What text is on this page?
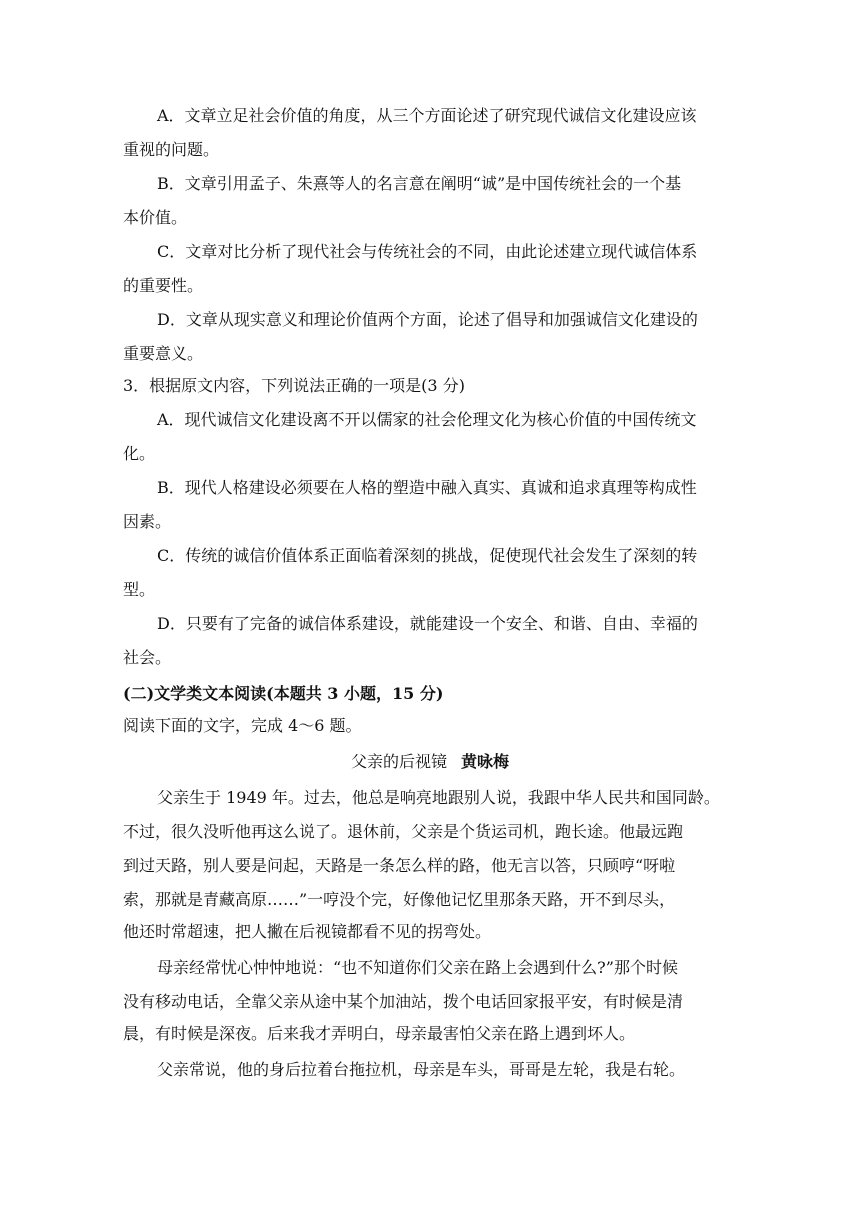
A．文章立足社会价值的角度，从三个方面论述了研究现代诚信文化建设应该
重视的问题。
B．文章引用孟子、朱熹等人的名言意在阐明“诚”是中国传统社会的一个基
本价值。
C．文章对比分析了现代社会与传统社会的不同，由此论述建立现代诚信体系
的重要性。
D．文章从现实意义和理论价值两个方面，论述了倡导和加强诚信文化建设的
重要意义。
3．根据原文内容，下列说法正确的一项是(3 分)
A．现代诚信文化建设离不开以儒家的社会伦理文化为核心价值的中国传统文
化。
B．现代人格建设必须要在人格的塑造中融入真实、真诚和追求真理等构成性
因素。
C．传统的诚信价值体系正面临着深刻的挑战，促使现代社会发生了深刻的转
型。
D．只要有了完备的诚信体系建设，就能建设一个安全、和谐、自由、幸福的
社会。
(二)文学类文本阅读(本题共 3 小题，15 分)
阅读下面的文字，完成 4～6 题。
父亲的后视镜 黄咏梅
父亲生于 1949 年。过去，他总是响亮地跟别人说，我跟中华人民共和国同龄。
不过，很久没听他再这么说了。退休前，父亲是个货运司机，跑长途。他最远跑
到过天路，别人要是问起，天路是一条怎么样的路，他无言以答，只顾哼“呀啦
索，那就是青藏高原……”一哼没个完，好像他记忆里那条天路，开不到尽头，
他还时常超速，把人撇在后视镜都看不见的拐弯处。
母亲经常忧心忡忡地说：“也不知道你们父亲在路上会遇到什么?”那个时候
没有移动电话，全靠父亲从途中某个加油站，拨个电话回家报平安，有时候是清
晨，有时候是深夜。后来我才弄明白，母亲最害怕父亲在路上遇到坏人。
父亲常说，他的身后拉着台拖拉机，母亲是车头，哥哥是左轮，我是右轮。
